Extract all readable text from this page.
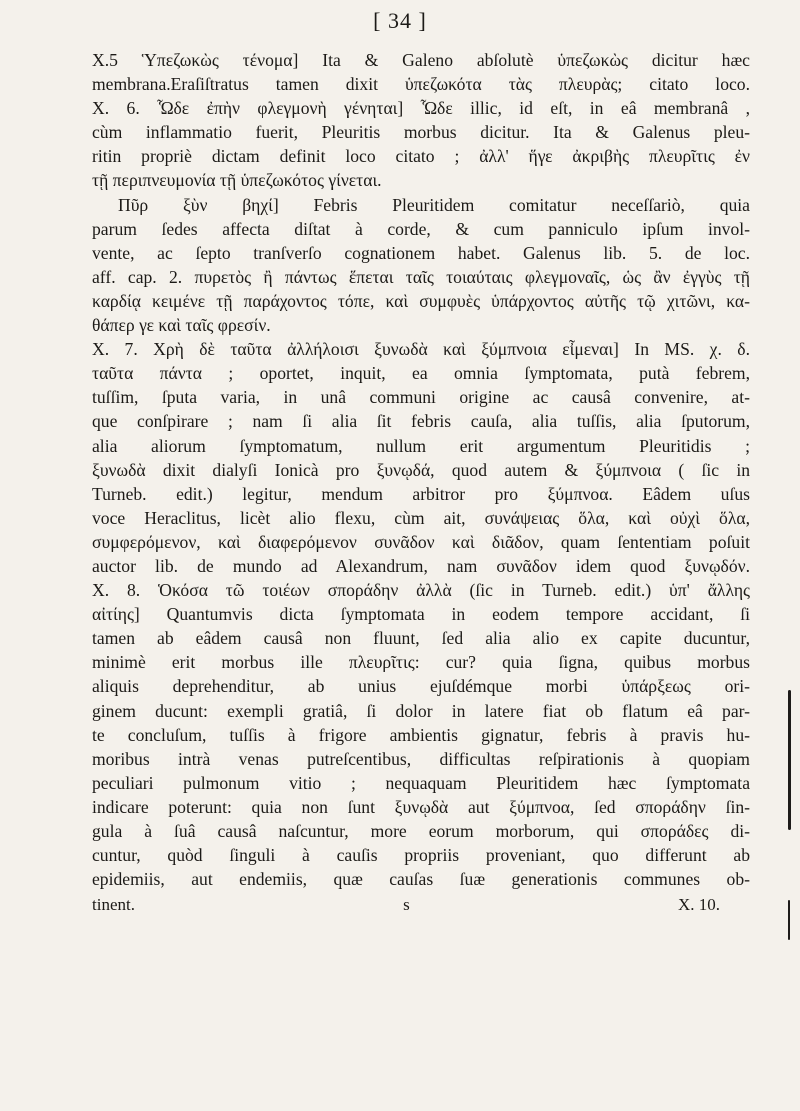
[ 34 ]
X.5 Ὑπεζωκὼς τένομα] Ita & Galeno abſolutè ὑπεζωκὼς dicitur hæc
membrana.Eraſiſtratus tamen dixit ὑπεζωκότα τὰς πλευρὰς; citato loco.
X. 6. Ὧδε ἐπὴν φλεγμονὴ γένηται] Ὧδε illic, id eſt, in eâ membranâ ,
cùm inflammatio fuerit, Pleuritis morbus dicitur. Ita & Galenus pleu-
ritin propriè dictam definit loco citato ; ἀλλ' ἥγε ἀκριβὴς πλευρῖτις ἐν
τῇ περιπνευμονία τῇ ὑπεζωκότος γίνεται.
Πῦρ ξὺν βηχί] Febris Pleuritidem comitatur neceſſariò, quia
parum ſedes affecta diſtat à corde, & cum panniculo ipſum invol-
vente, ac ſepto tranſverſo cognationem habet. Galenus lib. 5. de loc.
aff. cap. 2. πυρετὸς ἢ πάντως ἕπεται ταῖς τοιαύταις φλεγμοναῖς, ὡς ἂν ἐγγὺς τῇ
καρδίᾳ κειμένε τῇ παράχοντος τόπε, καὶ συμφυὲς ὑπάρχοντος αὐτῆς τῷ χιτῶνι, κα-
θάπερ γε καὶ ταῖς φρεσίν.
X. 7. Χρὴ δὲ ταῦτα ἀλλήλοισι ξυνωδὰ καὶ ξύμπνοια εἶμεναι] In MS. χ. δ.
ταῦτα πάντα ; oportet, inquit, ea omnia ſymptomata, putà febrem,
tuſſim, ſputa varia, in unâ communi origine ac causâ convenire, at-
que conſpirare ; nam ſi alia ſit febris cauſa, alia tuſſis, alia ſputorum,
alia aliorum ſymptomatum, nullum erit argumentum Pleuritidis ;
ξυνωδὰ dixit dialyſi Ionicà pro ξυνῳδά, quod autem & ξύμπνοια ( ſic in
Turneb. edit.) legitur, mendum arbitror pro ξύμπνοα. Eâdem uſus
voce Heraclitus, licèt alio flexu, cùm ait, συνάψειας ὅλα, καὶ οὐχὶ ὅλα,
συμφερόμενον, καὶ διαφερόμενον συνᾶδον καὶ διᾶδον, quam ſententiam poſuit
auctor lib. de mundo ad Alexandrum, nam συνᾶδον idem quod ξυνῳδόν.
X. 8. Ὁκόσα τῶ τοιέων σποράδην ἀλλὰ (ſic in Turneb. edit.) ὑπ' ἄλλης
αἰτίης] Quantumvis dicta ſymptomata in eodem tempore accidant, ſi
tamen ab eâdem causâ non fluunt, ſed alia alio ex capite ducuntur,
minimè erit morbus ille πλευρῖτις: cur? quia ſigna, quibus morbus
aliquis deprehenditur, ab unius ejuſdémque morbi ὑπάρξεως ori-
ginem ducunt: exempli gratiâ, ſi dolor in latere fiat ob flatum eâ par-
te concluſum, tuſſis à frigore ambientis gignatur, febris à pravis hu-
moribus intrà venas putreſcentibus, difficultas reſpirationis à quopiam
peculiari pulmonum vitio ; nequaquam Pleuritidem hæc ſymptomata
indicare poterunt: quia non ſunt ξυνῳδὰ aut ξύμπνοα, ſed σποράδην ſin-
gula à ſuâ causâ naſcuntur, more eorum morborum, qui σποράδες di-
cuntur, quòd ſinguli à cauſis propriis proveniant, quo differunt ab
epidemiis, aut endemiis, quæ cauſas ſuæ generationis communes ob-
tinent.	s	X. 10.
